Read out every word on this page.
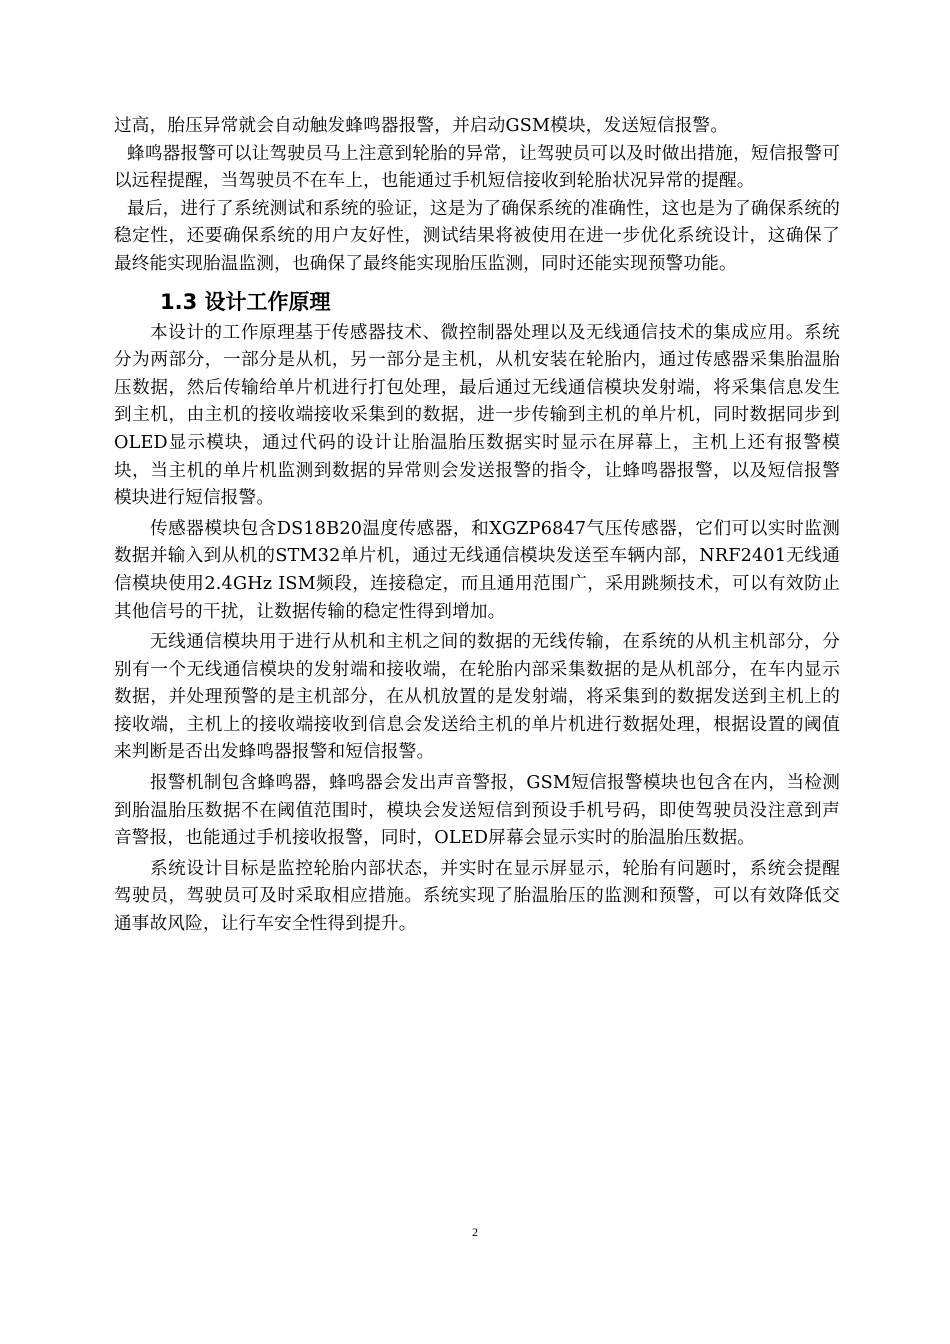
过高，胎压异常就会自动触发蜂鸣器报警，并启动GSM模块，发送短信报警。

蜂鸣器报警可以让驾驶员马上注意到轮胎的异常，让驾驶员可以及时做出措施，短信报警可以远程提醒，当驾驶员不在车上，也能通过手机短信接收到轮胎状况异常的提醒。

最后，进行了系统测试和系统的验证，这是为了确保系统的准确性，这也是为了确保系统的稳定性，还要确保系统的用户友好性，测试结果将被使用在进一步优化系统设计，这确保了最终能实现胎温监测，也确保了最终能实现胎压监测，同时还能实现预警功能。

1.3 设计工作原理

本设计的工作原理基于传感器技术、微控制器处理以及无线通信技术的集成应用。系统分为两部分，一部分是从机，另一部分是主机，从机安装在轮胎内，通过传感器采集胎温胎压数据，然后传输给单片机进行打包处理，最后通过无线通信模块发射端，将采集信息发生到主机，由主机的接收端接收采集到的数据，进一步传输到主机的单片机，同时数据同步到OLED显示模块，通过代码的设计让胎温胎压数据实时显示在屏幕上，主机上还有报警模块，当主机的单片机监测到数据的异常则会发送报警的指令，让蜂鸣器报警，以及短信报警模块进行短信报警。

传感器模块包含DS18B20温度传感器，和XGZP6847气压传感器，它们可以实时监测数据并输入到从机的STM32单片机，通过无线通信模块发送至车辆内部，NRF2401无线通信模块使用2.4GHz ISM频段，连接稳定，而且通用范围广，采用跳频技术，可以有效防止其他信号的干扰，让数据传输的稳定性得到增加。

无线通信模块用于进行从机和主机之间的数据的无线传输，在系统的从机主机部分，分别有一个无线通信模块的发射端和接收端，在轮胎内部采集数据的是从机部分，在车内显示数据，并处理预警的是主机部分，在从机放置的是发射端，将采集到的数据发送到主机上的接收端，主机上的接收端接收到信息会发送给主机的单片机进行数据处理，根据设置的阈值来判断是否出发蜂鸣器报警和短信报警。

报警机制包含蜂鸣器，蜂鸣器会发出声音警报，GSM短信报警模块也包含在内，当检测到胎温胎压数据不在阈值范围时，模块会发送短信到预设手机号码，即使驾驶员没注意到声音警报，也能通过手机接收报警，同时，OLED屏幕会显示实时的胎温胎压数据。

系统设计目标是监控轮胎内部状态，并实时在显示屏显示，轮胎有问题时，系统会提醒驾驶员，驾驶员可及时采取相应措施。系统实现了胎温胎压的监测和预警，可以有效降低交通事故风险，让行车安全性得到提升。

2
